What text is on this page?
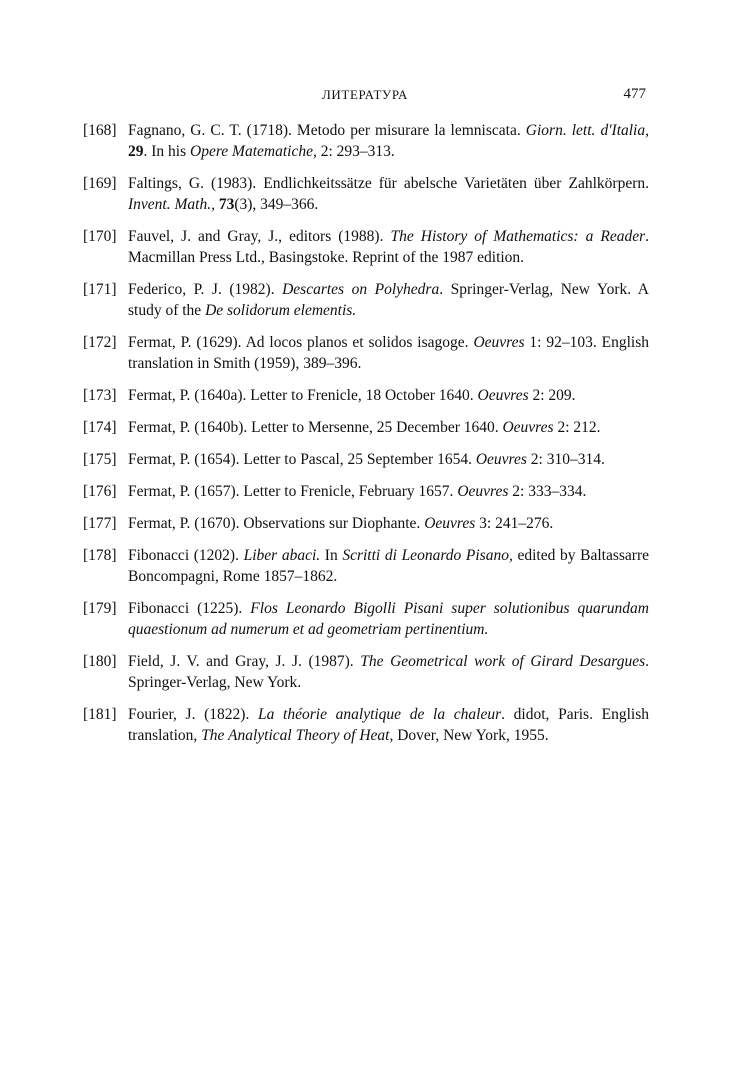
ЛИТЕРАТУРА	477
[168] Fagnano, G. C. T. (1718). Metodo per misurare la lemniscata. Giorn. lett. d'Italia, 29. In his Opere Matematiche, 2: 293–313.
[169] Faltings, G. (1983). Endlichkeitssätze für abelsche Varietäten über Zahlkörpern. Invent. Math., 73(3), 349–366.
[170] Fauvel, J. and Gray, J., editors (1988). The History of Mathematics: a Reader. Macmillan Press Ltd., Basingstoke. Reprint of the 1987 edition.
[171] Federico, P. J. (1982). Descartes on Polyhedra. Springer-Verlag, New York. A study of the De solidorum elementis.
[172] Fermat, P. (1629). Ad locos planos et solidos isagoge. Oeuvres 1: 92–103. English translation in Smith (1959), 389–396.
[173] Fermat, P. (1640a). Letter to Frenicle, 18 October 1640. Oeuvres 2: 209.
[174] Fermat, P. (1640b). Letter to Mersenne, 25 December 1640. Oeuvres 2: 212.
[175] Fermat, P. (1654). Letter to Pascal, 25 September 1654. Oeuvres 2: 310–314.
[176] Fermat, P. (1657). Letter to Frenicle, February 1657. Oeuvres 2: 333–334.
[177] Fermat, P. (1670). Observations sur Diophante. Oeuvres 3: 241–276.
[178] Fibonacci (1202). Liber abaci. In Scritti di Leonardo Pisano, edited by Baltassarre Boncompagni, Rome 1857–1862.
[179] Fibonacci (1225). Flos Leonardo Bigolli Pisani super solutionibus quarundam quaestionum ad numerum et ad geometriam pertinentium.
[180] Field, J. V. and Gray, J. J. (1987). The Geometrical work of Girard Desargues. Springer-Verlag, New York.
[181] Fourier, J. (1822). La théorie analytique de la chaleur. didot, Paris. English translation, The Analytical Theory of Heat, Dover, New York, 1955.
